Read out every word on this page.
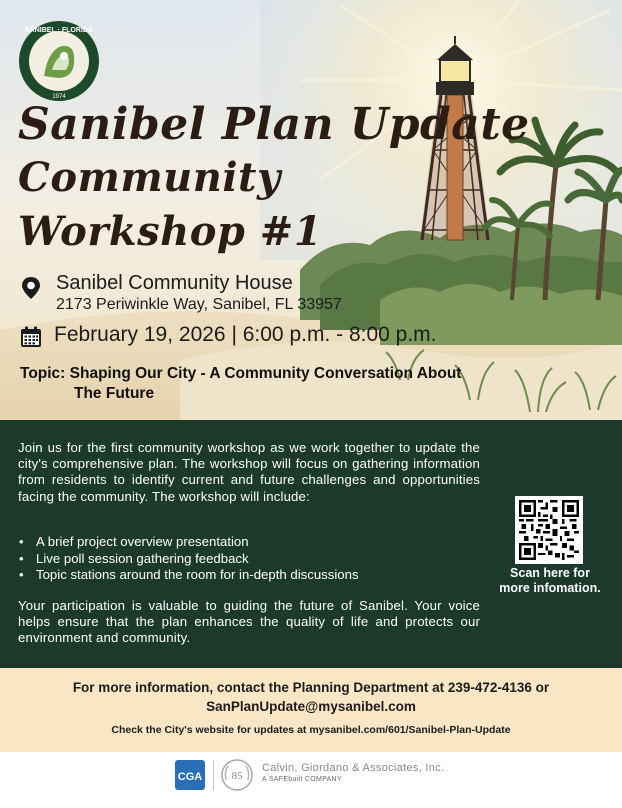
SANIBEL · FLORIDA
1974
Sanibel Plan Update
Community
Workshop #1
Sanibel Community House
2173 Periwinkle Way, Sanibel, FL 33957
February 19, 2026 | 6:00 p.m. - 8:00 p.m.
Topic: Shaping Our City - A Community Conversation About
The Future

Join us for the first community workshop as we work together to update the city's comprehensive plan. The workshop will focus on gathering information from residents to identify current and future challenges and opportunities facing the community. The workshop will include:

• A brief project overview presentation
• Live poll session gathering feedback
• Topic stations around the room for in-depth discussions

Your participation is valuable to guiding the future of Sanibel. Your voice helps ensure that the plan enhances the quality of life and protects our environment and community.

Scan here for
more infomation.
For more information, contact the Planning Department at 239-472-4136 or
SanPlanUpdate@mysanibel.com
Check the City's website for updates at mysanibel.com/601/Sanibel-Plan-Update
CGA	85
Calvin, Giordano & Associates, Inc.
A SAFEbuilt COMPANY
